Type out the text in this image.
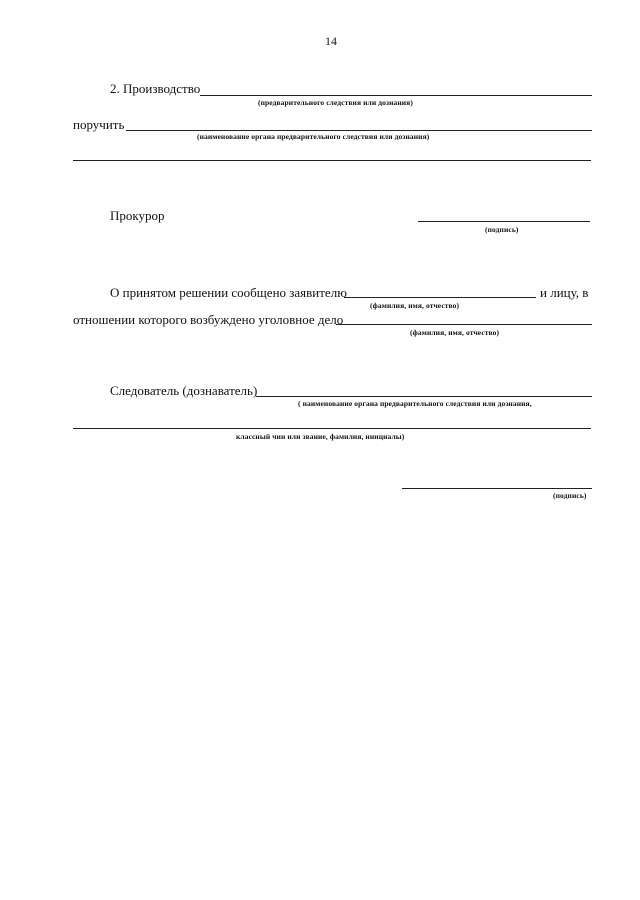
14
2. Производство
(предварительного следствия или дознания)
поручить
(наименование органа предварительного следствия или дознания)
Прокурор
(подпись)
О принятом решении сообщено заявителю	и лицу, в
(фамилия, имя, отчество)
отношении которого возбуждено уголовное дело
(фамилия, имя, отчество)
Следователь (дознаватель)
( наименование органа предварительного следствия или дознания,
классный чин или звание, фамилия, инициалы)
(подпись)
